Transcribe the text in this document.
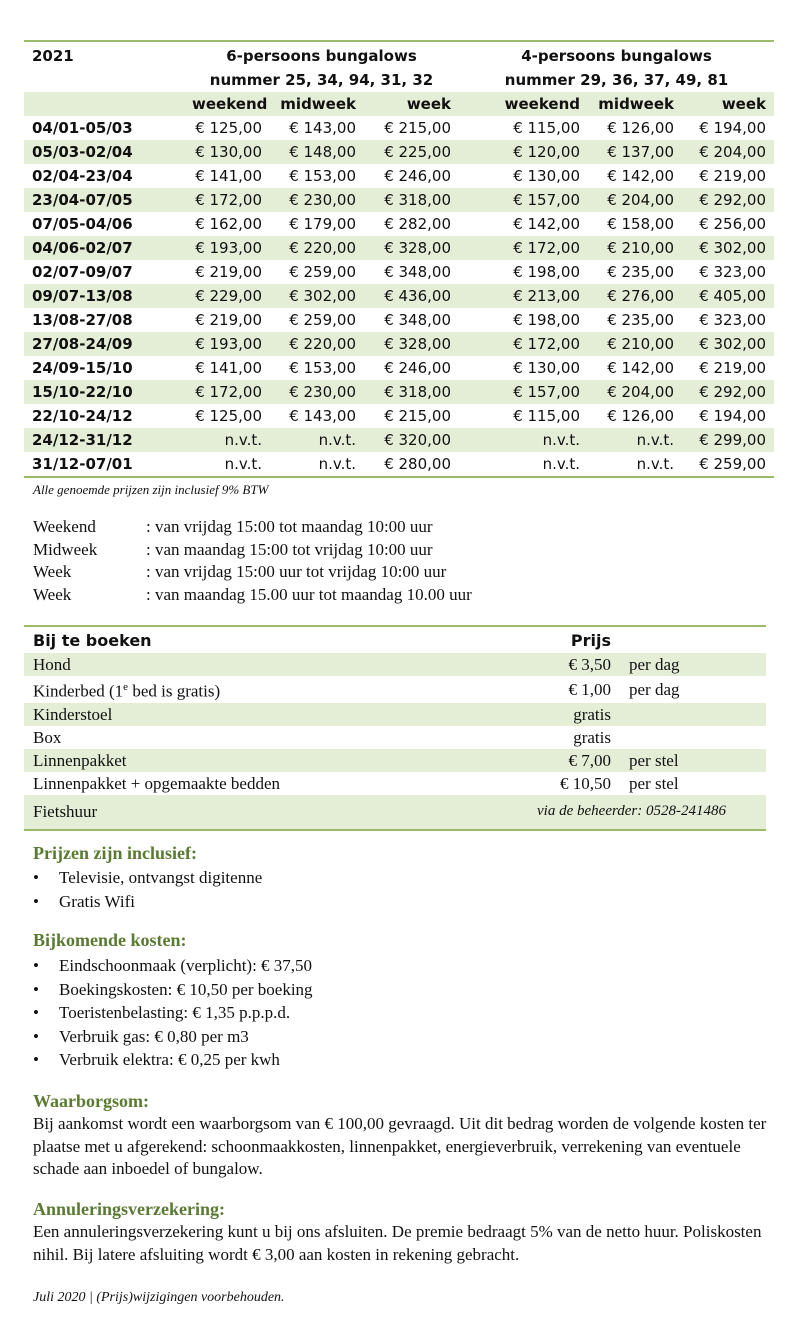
2021	6-persoons bungalows			4-persoons bungalows		
	nummer 25, 34, 94, 31, 32			nummer 29, 36, 37, 49, 81		
	weekend	midweek	week	weekend	midweek	week
04/01-05/03	€ 125,00	€ 143,00	€ 215,00	€ 115,00	€ 126,00	€ 194,00
05/03-02/04	€ 130,00	€ 148,00	€ 225,00	€ 120,00	€ 137,00	€ 204,00
02/04-23/04	€ 141,00	€ 153,00	€ 246,00	€ 130,00	€ 142,00	€ 219,00
23/04-07/05	€ 172,00	€ 230,00	€ 318,00	€ 157,00	€ 204,00	€ 292,00
07/05-04/06	€ 162,00	€ 179,00	€ 282,00	€ 142,00	€ 158,00	€ 256,00
04/06-02/07	€ 193,00	€ 220,00	€ 328,00	€ 172,00	€ 210,00	€ 302,00
02/07-09/07	€ 219,00	€ 259,00	€ 348,00	€ 198,00	€ 235,00	€ 323,00
09/07-13/08	€ 229,00	€ 302,00	€ 436,00	€ 213,00	€ 276,00	€ 405,00
13/08-27/08	€ 219,00	€ 259,00	€ 348,00	€ 198,00	€ 235,00	€ 323,00
27/08-24/09	€ 193,00	€ 220,00	€ 328,00	€ 172,00	€ 210,00	€ 302,00
24/09-15/10	€ 141,00	€ 153,00	€ 246,00	€ 130,00	€ 142,00	€ 219,00
15/10-22/10	€ 172,00	€ 230,00	€ 318,00	€ 157,00	€ 204,00	€ 292,00
22/10-24/12	€ 125,00	€ 143,00	€ 215,00	€ 115,00	€ 126,00	€ 194,00
24/12-31/12	n.v.t.	n.v.t.	€ 320,00	n.v.t.	n.v.t.	€ 299,00
31/12-07/01	n.v.t.	n.v.t.	€ 280,00	n.v.t.	n.v.t.	€ 259,00
Alle genoemde prijzen zijn inclusief 9% BTW
Weekend	: van vrijdag 15:00 tot maandag 10:00 uur
Midweek	: van maandag 15:00 tot vrijdag 10:00 uur
Week	: van vrijdag 15:00 uur tot vrijdag 10:00 uur
Week	: van maandag 15.00 uur tot maandag 10.00 uur
Bij te boeken	Prijs	
Hond	€ 3,50	per dag
Kinderbed (1e bed is gratis)	€ 1,00	per dag
Kinderstoel	gratis	
Box	gratis	
Linnenpakket	€ 7,00	per stel
Linnenpakket + opgemaakte bedden	€ 10,50	per stel
Fietshuur	via de beheerder: 0528-241486	
Prijzen zijn inclusief:
• Televisie, ontvangst digitenne
• Gratis Wifi
Bijkomende kosten:
• Eindschoonmaak (verplicht): € 37,50
• Boekingskosten: € 10,50 per boeking
• Toeristenbelasting: € 1,35 p.p.p.d.
• Verbruik gas: € 0,80 per m3
• Verbruik elektra: € 0,25 per kwh
Waarborgsom:
Bij aankomst wordt een waarborgsom van € 100,00 gevraagd. Uit dit bedrag worden de volgende kosten ter plaatse met u afgerekend: schoonmaakkosten, linnenpakket, energieverbruik, verrekening van eventuele schade aan inboedel of bungalow.
Annuleringsverzekering:
Een annuleringsverzekering kunt u bij ons afsluiten. De premie bedraagt 5% van de netto huur. Poliskosten nihil. Bij latere afsluiting wordt € 3,00 aan kosten in rekening gebracht.
Juli 2020 | (Prijs)wijzigingen voorbehouden.
